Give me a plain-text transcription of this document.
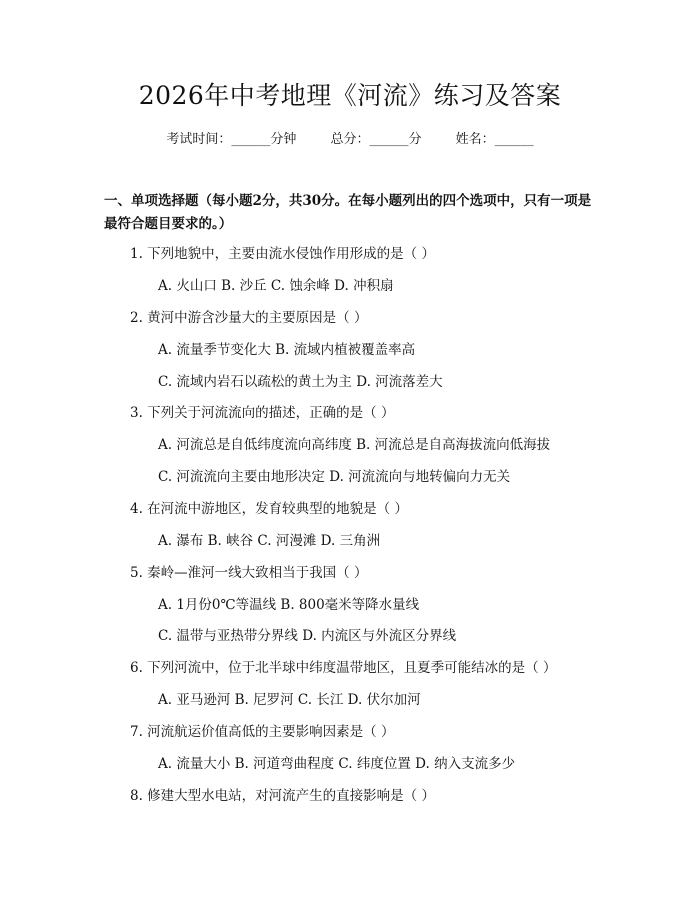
2026年中考地理《河流》练习及答案
考试时间：______分钟	总分：______分	姓名：______
一、单项选择题（每小题2分，共30分。在每小题列出的四个选项中，只有一项是最符合题目要求的。）
1. 下列地貌中，主要由流水侵蚀作用形成的是（ ）
A. 火山口 B. 沙丘 C. 蚀余峰 D. 冲积扇
2. 黄河中游含沙量大的主要原因是（ ）
A. 流量季节变化大 B. 流域内植被覆盖率高
C. 流域内岩石以疏松的黄土为主 D. 河流落差大
3. 下列关于河流流向的描述，正确的是（ ）
A. 河流总是自低纬度流向高纬度 B. 河流总是自高海拔流向低海拔
C. 河流流向主要由地形决定 D. 河流流向与地转偏向力无关
4. 在河流中游地区，发育较典型的地貌是（ ）
A. 瀑布 B. 峡谷 C. 河漫滩 D. 三角洲
5. 秦岭—淮河一线大致相当于我国（ ）
A. 1月份0℃等温线 B. 800毫米等降水量线
C. 温带与亚热带分界线 D. 内流区与外流区分界线
6. 下列河流中，位于北半球中纬度温带地区，且夏季可能结冰的是（ ）
A. 亚马逊河 B. 尼罗河 C. 长江 D. 伏尔加河
7. 河流航运价值高低的主要影响因素是（ ）
A. 流量大小 B. 河道弯曲程度 C. 纬度位置 D. 纳入支流多少
8. 修建大型水电站，对河流产生的直接影响是（ ）
